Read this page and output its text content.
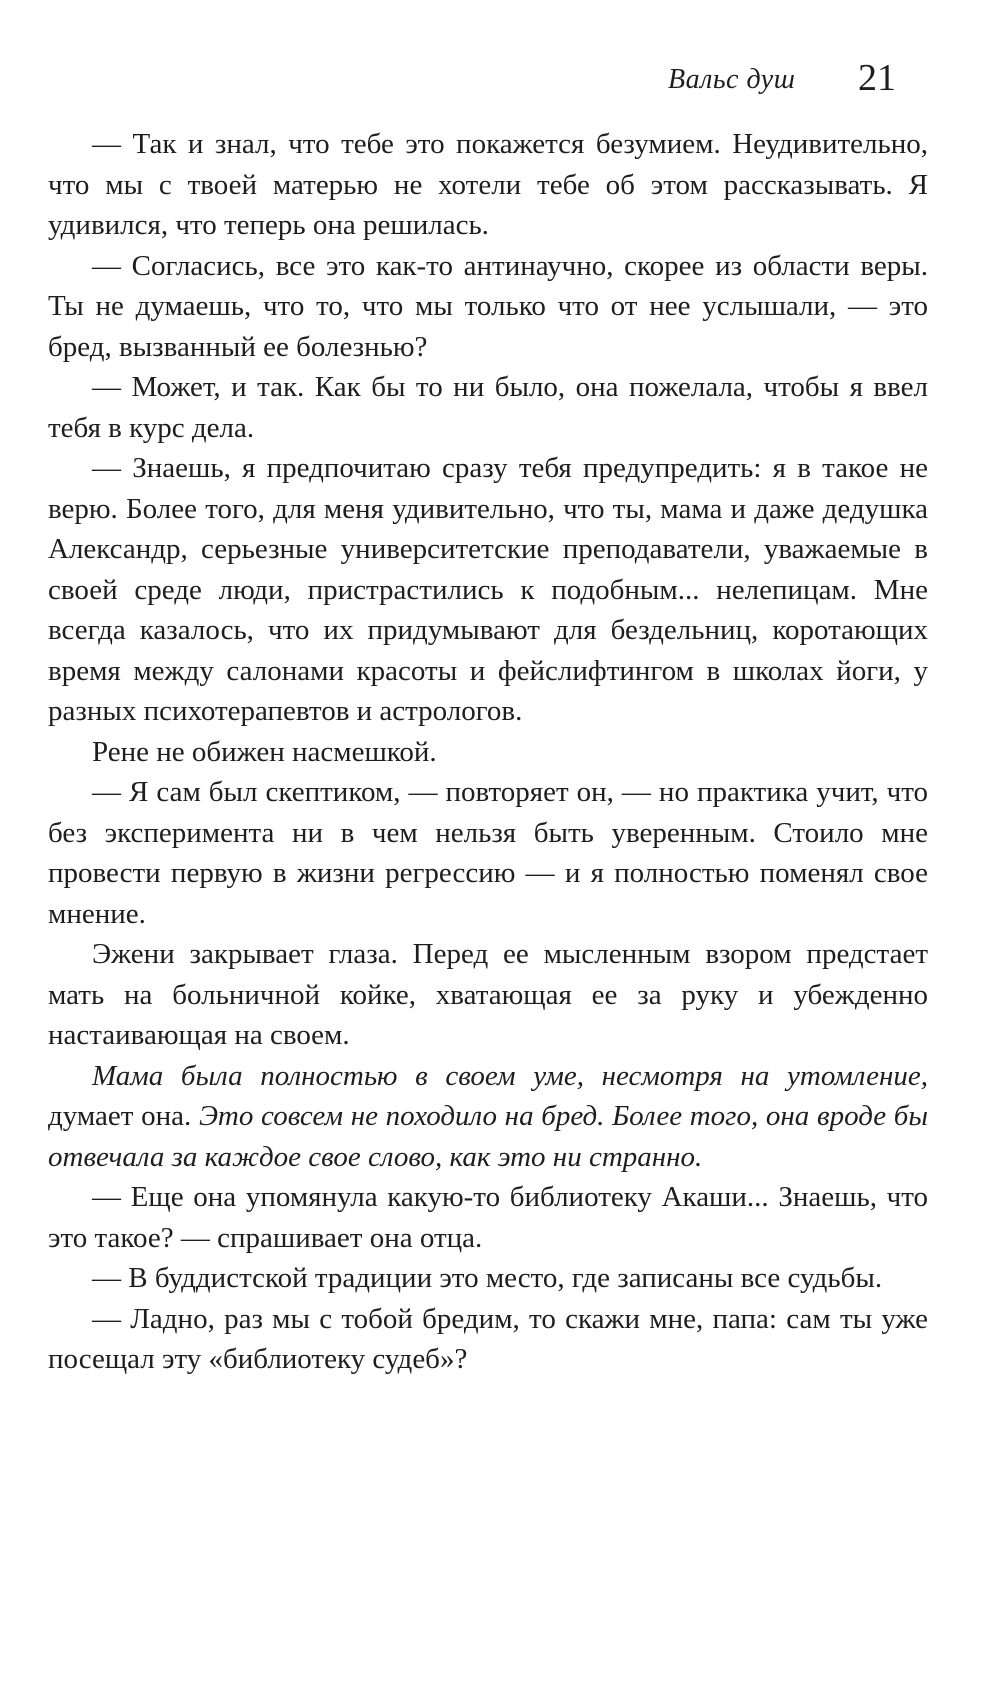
Вальс душ 21

— Так и знал, что тебе это покажется безумием. Неудивительно, что мы с твоей матерью не хотели тебе об этом рассказывать. Я удивился, что теперь она решилась.

— Согласись, все это как-то антинаучно, скорее из области веры. Ты не думаешь, что то, что мы только что от нее услышали, — это бред, вызванный ее болезнью?

— Может, и так. Как бы то ни было, она пожелала, чтобы я ввел тебя в курс дела.

— Знаешь, я предпочитаю сразу тебя предупредить: я в такое не верю. Более того, для меня удивительно, что ты, мама и даже дедушка Александр, серьезные университетские преподаватели, уважаемые в своей среде люди, пристрастились к подобным... нелепицам. Мне всегда казалось, что их придумывают для бездельниц, коротающих время между салонами красоты и фейслифтингом в школах йоги, у разных психотерапевтов и астрологов.

Рене не обижен насмешкой.

— Я сам был скептиком, — повторяет он, — но практика учит, что без эксперимента ни в чем нельзя быть уверенным. Стоило мне провести первую в жизни регрессию — и я полностью поменял свое мнение.

Эжени закрывает глаза. Перед ее мысленным взором предстает мать на больничной койке, хватающая ее за руку и убежденно настаивающая на своем.

Мама была полностью в своем уме, несмотря на утомление, думает она. Это совсем не походило на бред. Более того, она вроде бы отвечала за каждое свое слово, как это ни странно.

— Еще она упомянула какую-то библиотеку Акаши... Знаешь, что это такое? — спрашивает она отца.

— В буддистской традиции это место, где записаны все судьбы.

— Ладно, раз мы с тобой бредим, то скажи мне, папа: сам ты уже посещал эту «библиотеку судеб»?
